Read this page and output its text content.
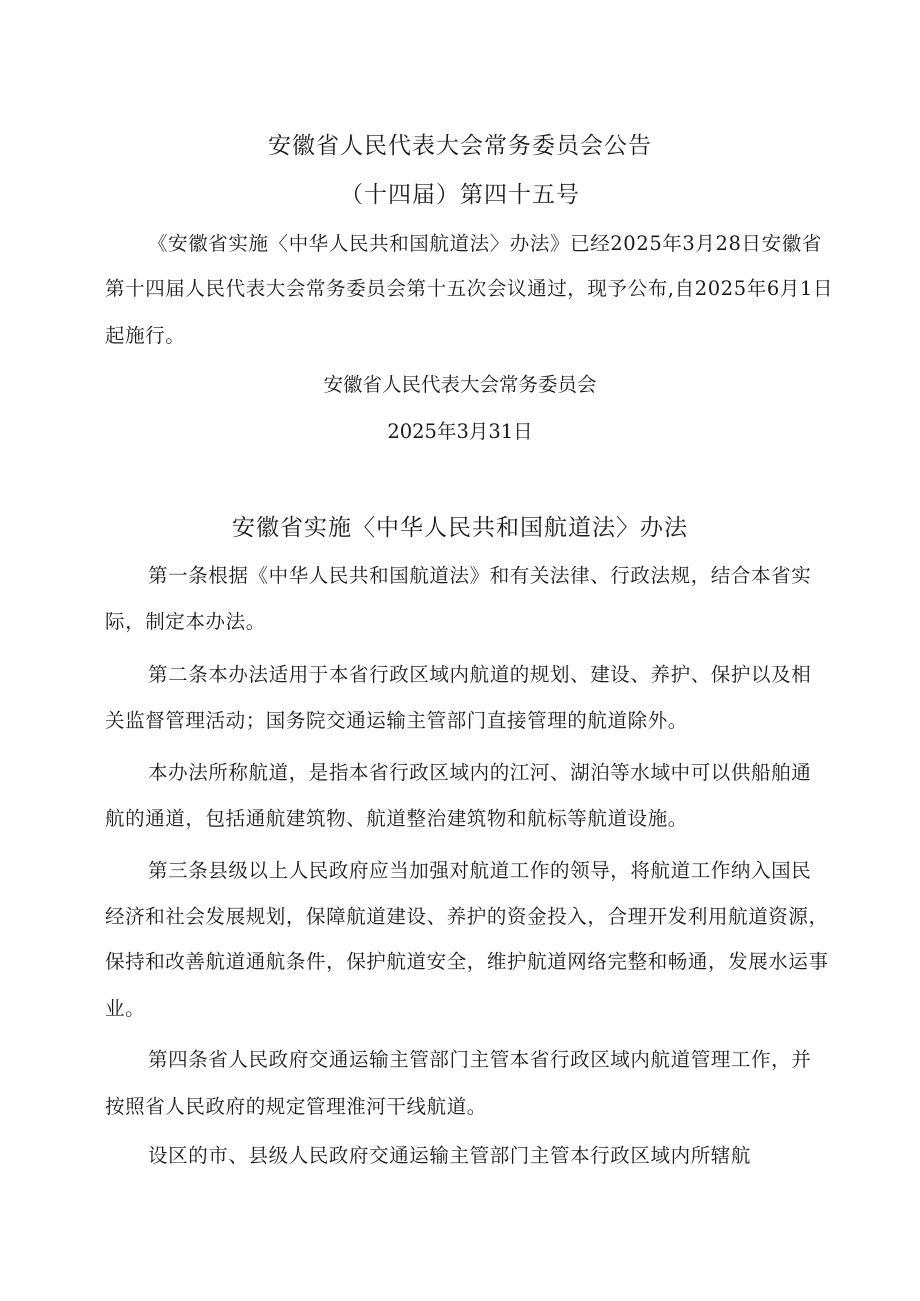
安徽省人民代表大会常务委员会公告
（十四届）第四十五号
《安徽省实施〈中华人民共和国航道法〉办法》已经2025年3月28日安徽省
第十四届人民代表大会常务委员会第十五次会议通过，现予公布,自2025年6月1日
起施行。
安徽省人民代表大会常务委员会
2025年3月31日
安徽省实施〈中华人民共和国航道法〉办法
第一条根据《中华人民共和国航道法》和有关法律、行政法规，结合本省实
际，制定本办法。
第二条本办法适用于本省行政区域内航道的规划、建设、养护、保护以及相
关监督管理活动；国务院交通运输主管部门直接管理的航道除外。
本办法所称航道，是指本省行政区域内的江河、湖泊等水域中可以供船舶通
航的通道，包括通航建筑物、航道整治建筑物和航标等航道设施。
第三条县级以上人民政府应当加强对航道工作的领导，将航道工作纳入国民
经济和社会发展规划，保障航道建设、养护的资金投入，合理开发利用航道资源，
保持和改善航道通航条件，保护航道安全，维护航道网络完整和畅通，发展水运事
业。
第四条省人民政府交通运输主管部门主管本省行政区域内航道管理工作，并
按照省人民政府的规定管理淮河干线航道。
设区的市、县级人民政府交通运输主管部门主管本行政区域内所辖航
